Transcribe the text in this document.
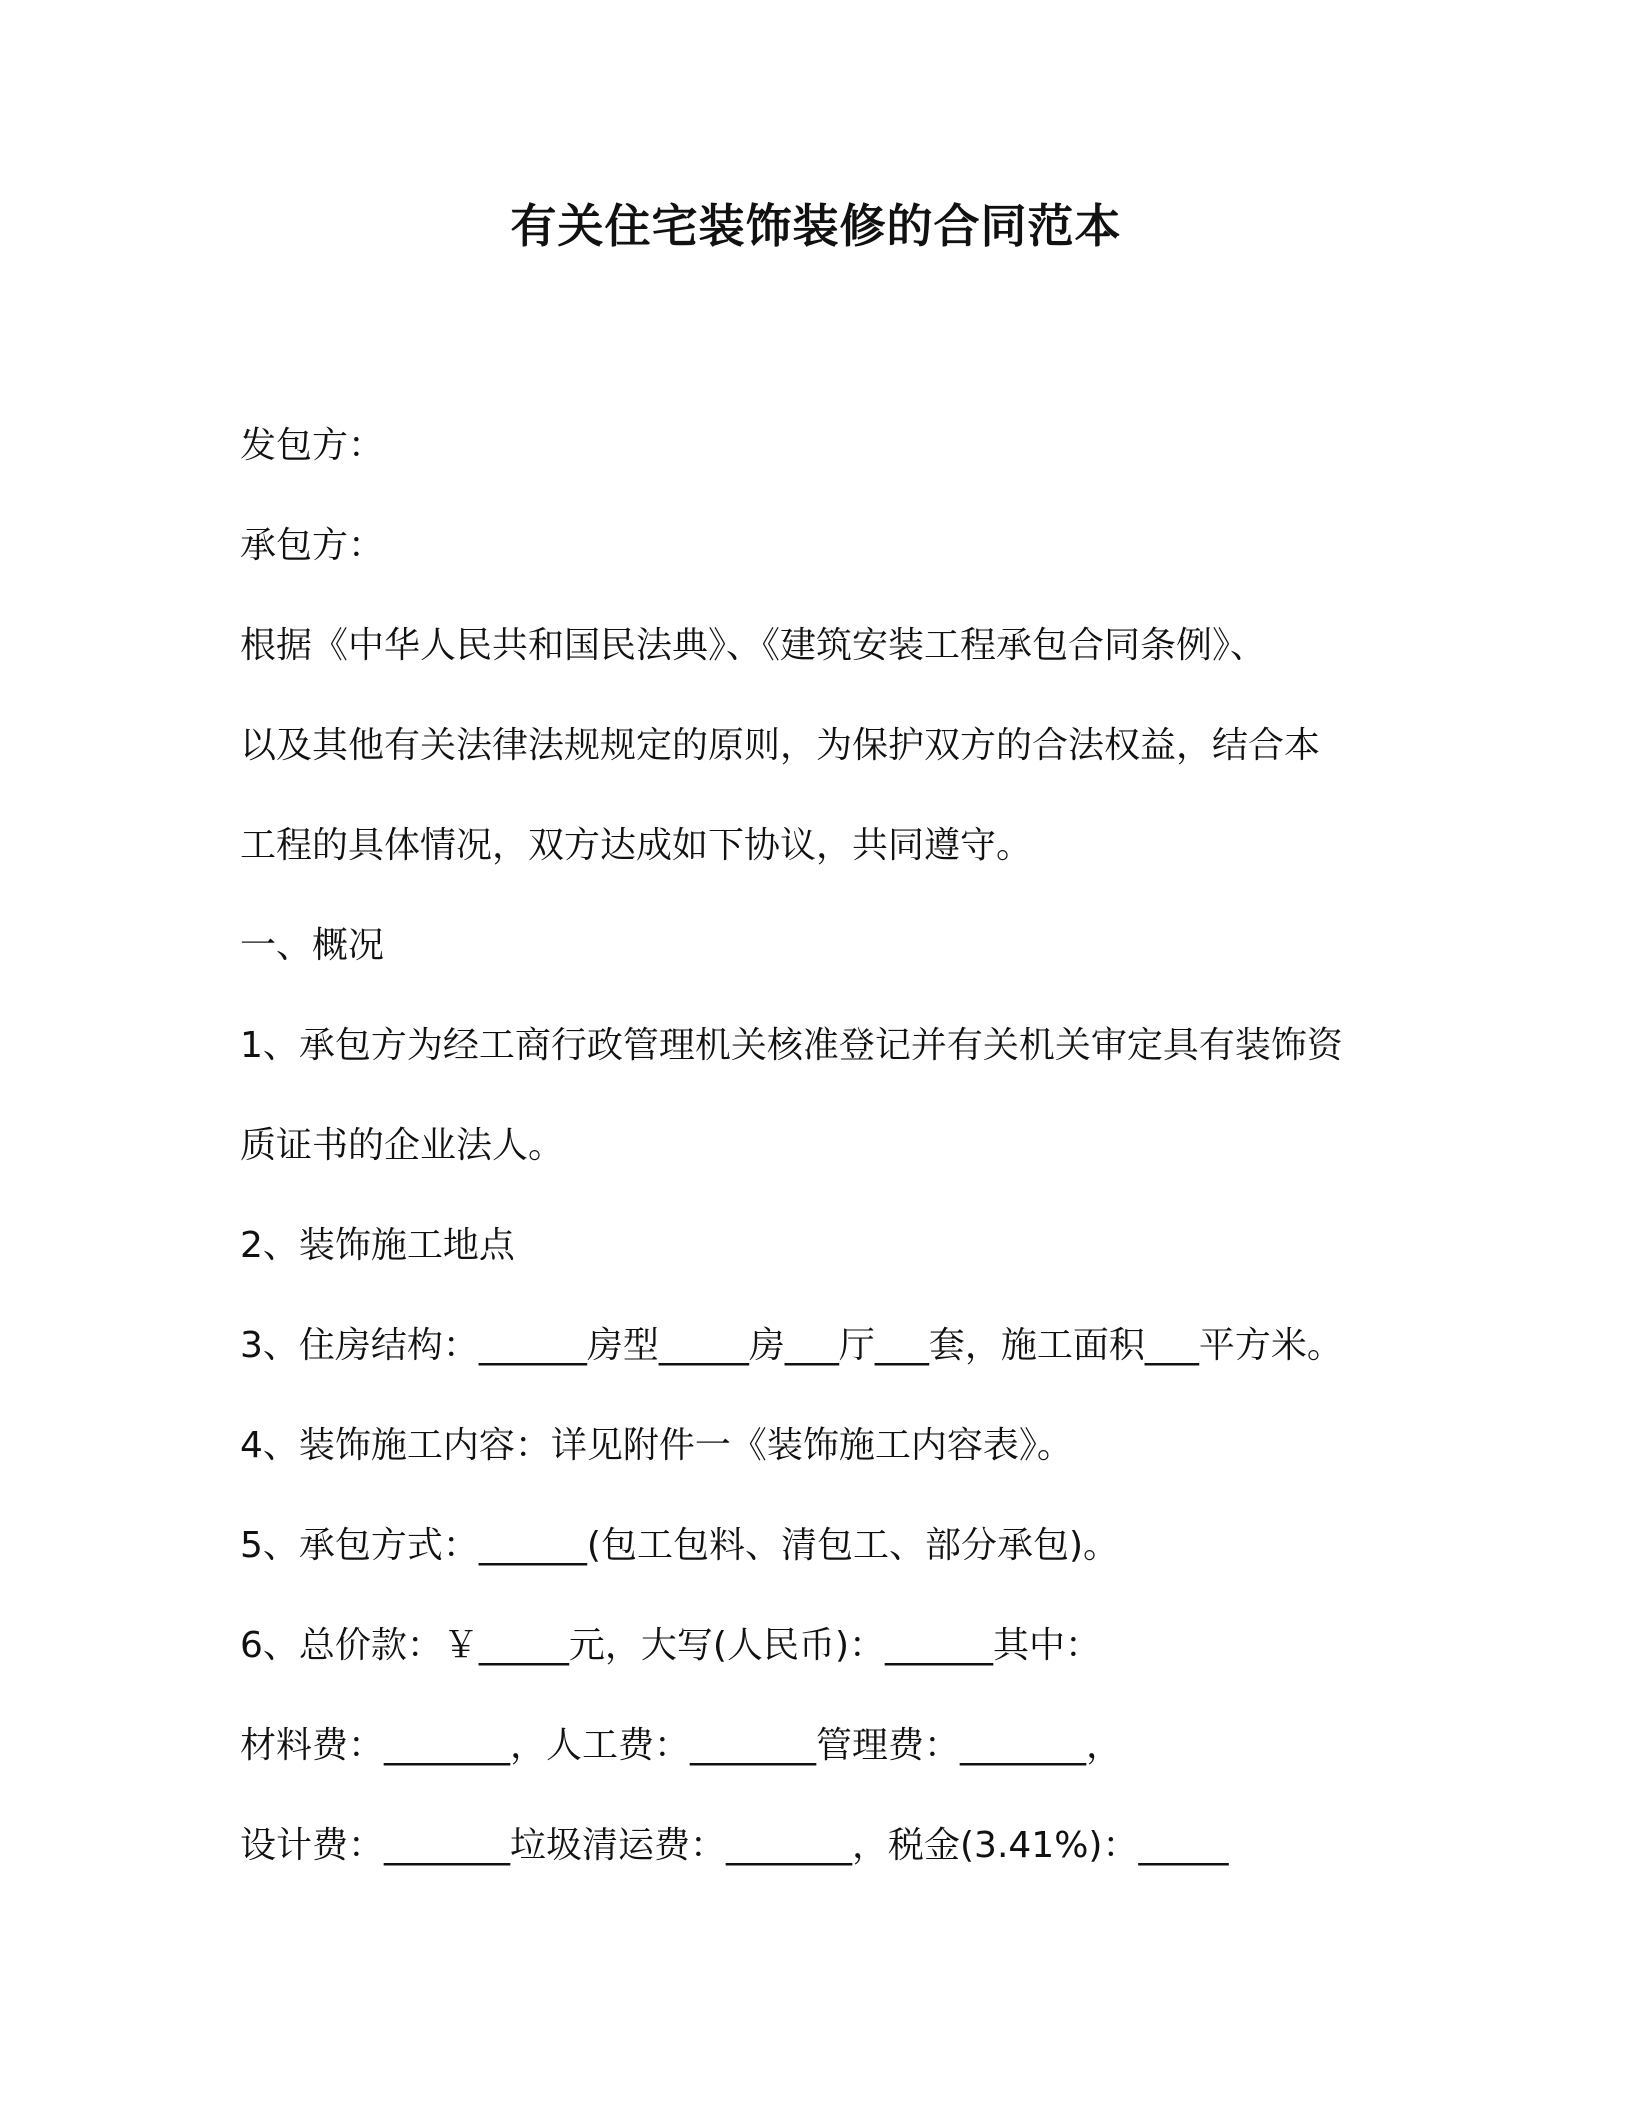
有关住宅装饰装修的合同范本

发包方：

承包方：

根据《中华人民共和国民法典》、《建筑安装工程承包合同条例》、

以及其他有关法律法规规定的原则，为保护双方的合法权益，结合本

工程的具体情况，双方达成如下协议，共同遵守。

一、概况

1、承包方为经工商行政管理机关核准登记并有关机关审定具有装饰资

质证书的企业法人。

2、装饰施工地点

3、住房结构：______房型_____房___厅___套，施工面积___平方米。

4、装饰施工内容：详见附件一《装饰施工内容表》。

5、承包方式：______(包工包料、清包工、部分承包)。

6、总价款：￥_____元，大写(人民币)：______其中：

材料费：_______，人工费：_______管理费：_______，

设计费：_______垃圾清运费：_______，税金(3.41%)：_____
